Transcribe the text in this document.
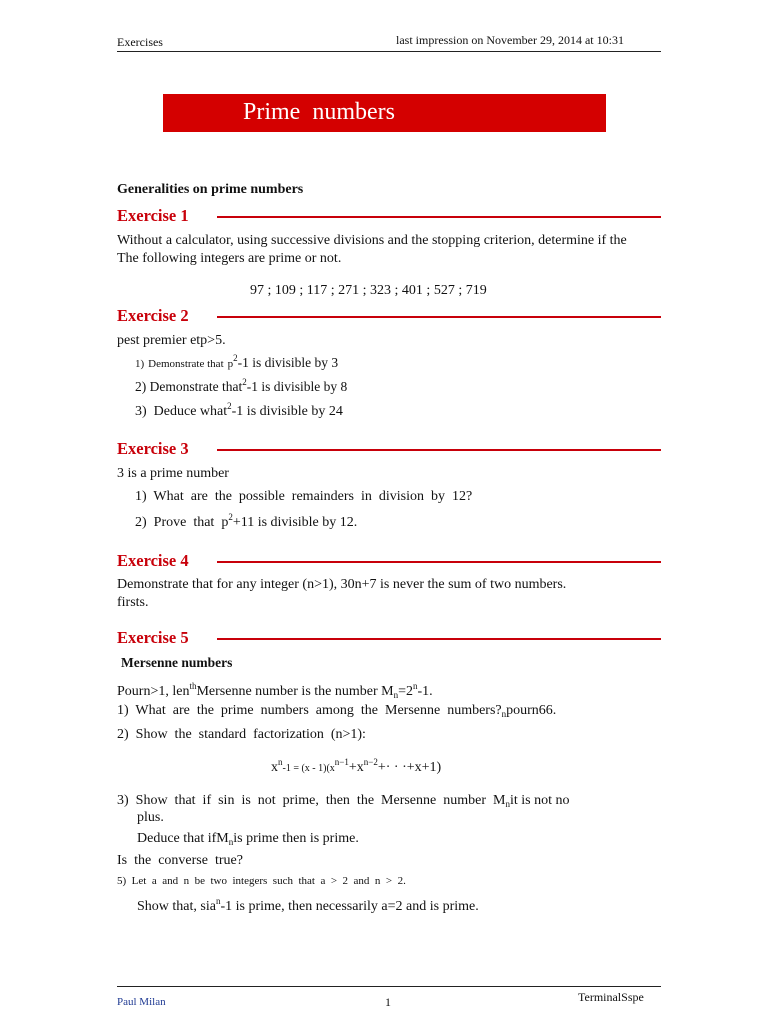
Exercises	last impression on November 29, 2014 at 10:31
Prime numbers
Generalities on prime numbers
Exercise 1
Without a calculator, using successive divisions and the stopping criterion, determine if the
The following integers are prime or not.
97 ; 109 ; 117 ; 271 ; 323 ; 401 ; 527 ; 719
Exercise 2
pest premier etp>5.
1) Demonstrate that $p^2-1$ is divisible by 3
2) Demonstrate that$^2$-1 is divisible by 8
3) Deduce what$^2$-1 is divisible by 24
Exercise 3
3 is a prime number
1)  What  are  the  possible  remainders  in  division  by  12?
2)  Prove  that  $p^2+11$ is divisible by 12.
Exercise 4
Demonstrate that for any integer (n>1), 30n+7 is never the sum of two numbers.
firsts.
Exercise 5
Mersenne numbers
Pourn>1, len$^{th}$Mersenne number is the number $M_n=2^n-1$.
1)  What  are  the  prime  numbers  among  the  Mersenne  $numbers?_npourn66$.
2)  Show  the  standard  factorization  (n>1):
$x^n-1 = (x - 1)(x^{n-1}+x^{n-2}+\cdot \cdot \cdot+x+1)$
3)  Show  that  if  sin  is  not  prime,  then  the  Mersenne  number  $M_nit$ is not no
plus.
Deduce that ifM$_n$is prime then is prime.
Is  the  converse  true?
5)  Let  a  and  n  be  two  integers  such  that  a  >  2  and  n  >  2.
Show that, sia$^n$-1 is prime, then necessarily a=2 and is prime.
Paul Milan	1	TerminalSspe
